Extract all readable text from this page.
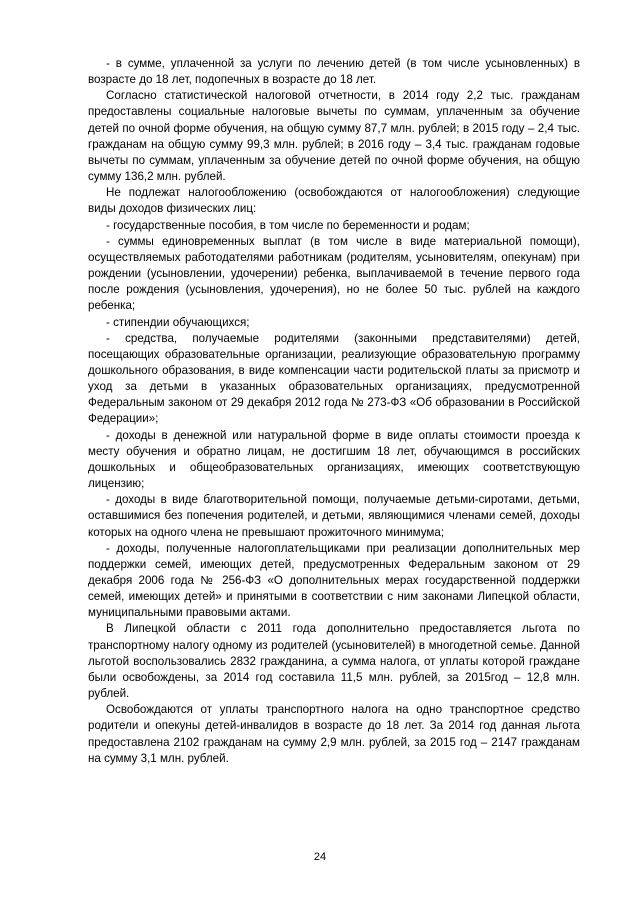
- в сумме, уплаченной за услуги по лечению детей (в том числе усыновленных) в возрасте до 18 лет, подопечных в возрасте до 18 лет.

Согласно статистической налоговой отчетности, в 2014 году 2,2 тыс. гражданам предоставлены социальные налоговые вычеты по суммам, уплаченным за обучение детей по очной форме обучения, на общую сумму 87,7 млн. рублей; в 2015 году – 2,4 тыс. гражданам на общую сумму 99,3 млн. рублей; в 2016 году – 3,4 тыс. гражданам годовые вычеты по суммам, уплаченным за обучение детей по очной форме обучения, на общую сумму 136,2 млн. рублей.

Не подлежат налогообложению (освобождаются от налогообложения) следующие виды доходов физических лиц:

- государственные пособия, в том числе по беременности и родам;

- суммы единовременных выплат (в том числе в виде материальной помощи), осуществляемых работодателями работникам (родителям, усыновителям, опекунам) при рождении (усыновлении, удочерении) ребенка, выплачиваемой в течение первого года после рождения (усыновления, удочерения), но не более 50 тыс. рублей на каждого ребенка;

- стипендии обучающихся;

- средства, получаемые родителями (законными представителями) детей, посещающих образовательные организации, реализующие образовательную программу дошкольного образования, в виде компенсации части родительской платы за присмотр и уход за детьми в указанных образовательных организациях, предусмотренной Федеральным законом от 29 декабря 2012 года № 273-ФЗ «Об образовании в Российской Федерации»;

- доходы в денежной или натуральной форме в виде оплаты стоимости проезда к месту обучения и обратно лицам, не достигшим 18 лет, обучающимся в российских дошкольных и общеобразовательных организациях, имеющих соответствующую лицензию;

- доходы в виде благотворительной помощи, получаемые детьми-сиротами, детьми, оставшимися без попечения родителей, и детьми, являющимися членами семей, доходы которых на одного члена не превышают прожиточного минимума;

- доходы, полученные налогоплательщиками при реализации дополнительных мер поддержки семей, имеющих детей, предусмотренных Федеральным законом от 29 декабря 2006 года № 256-ФЗ «О дополнительных мерах государственной поддержки семей, имеющих детей» и принятыми в соответствии с ним законами Липецкой области, муниципальными правовыми актами.

В Липецкой области с 2011 года дополнительно предоставляется льгота по транспортному налогу одному из родителей (усыновителей) в многодетной семье. Данной льготой воспользовались 2832 гражданина, а сумма налога, от уплаты которой граждане были освобождены, за 2014 год составила 11,5 млн. рублей, за 2015год – 12,8 млн. рублей.

Освобождаются от уплаты транспортного налога на одно транспортное средство родители и опекуны детей-инвалидов в возрасте до 18 лет. За 2014 год данная льгота предоставлена 2102 гражданам на сумму 2,9 млн. рублей, за 2015 год – 2147 гражданам на сумму 3,1 млн. рублей.

24
